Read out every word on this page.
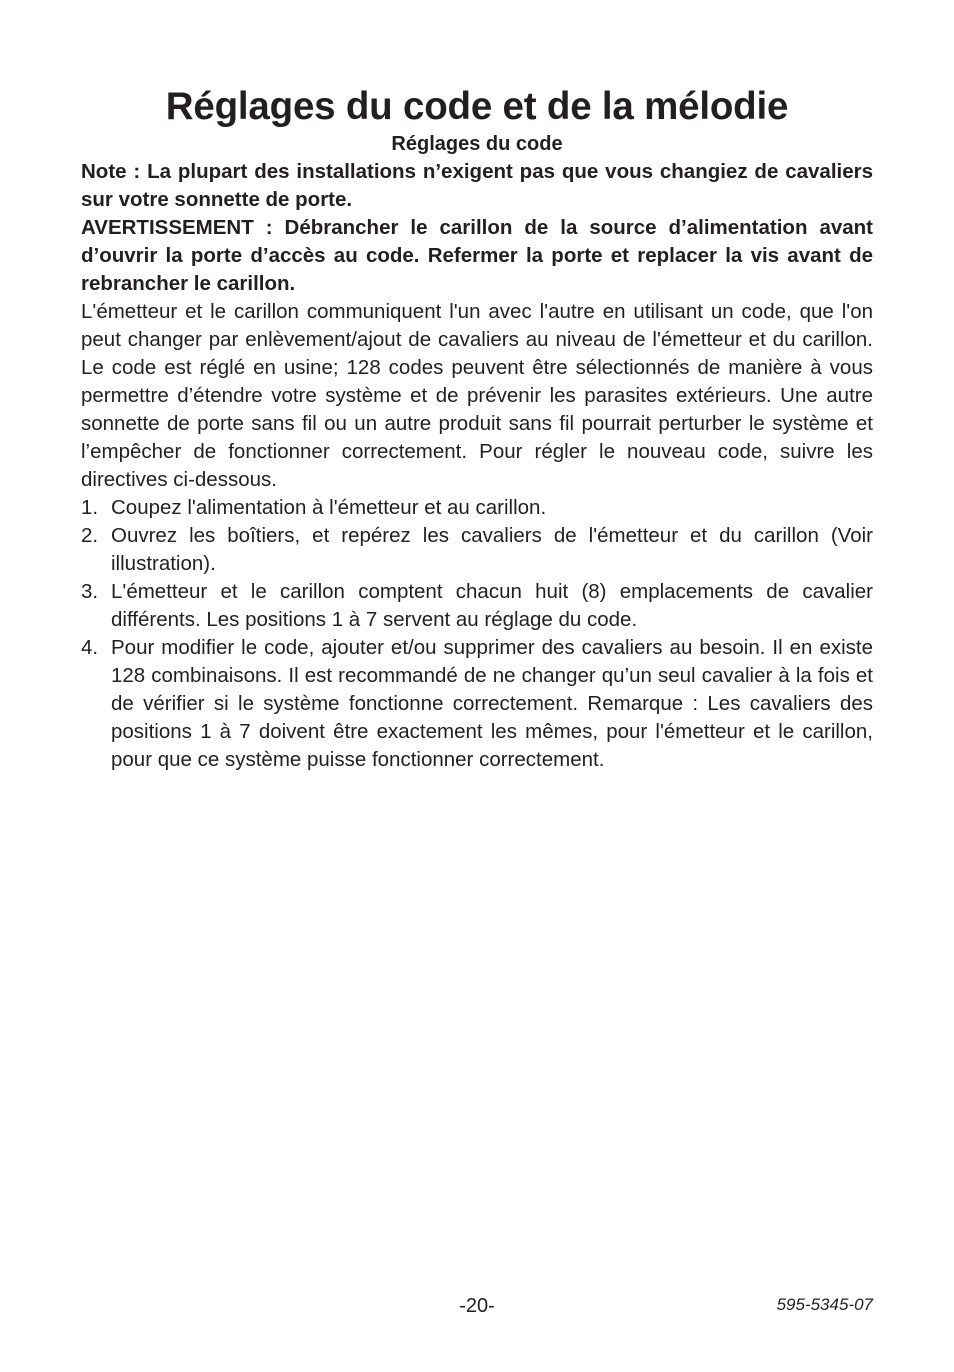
Réglages du code et de la mélodie
Réglages du code

Note : La plupart des installations n’exigent pas que vous changiez de cavaliers sur votre sonnette de porte.

AVERTISSEMENT : Débrancher le carillon de la source d’alimentation avant d’ouvrir la porte d’accès au code. Refermer la porte et replacer la vis avant de rebrancher le carillon.

L'émetteur et le carillon communiquent l'un avec l'autre en utilisant un code, que l'on peut changer par enlèvement/ajout de cavaliers au niveau de l'émetteur et du carillon. Le code est réglé en usine; 128 codes peuvent être sélectionnés de manière à vous permettre d’étendre votre système et de prévenir les parasites extérieurs. Une autre sonnette de porte sans fil ou un autre produit sans fil pourrait perturber le système et l’empêcher de fonctionner correctement. Pour régler le nouveau code, suivre les directives ci-dessous.

1. Coupez l'alimentation à l'émetteur et au carillon.
2. Ouvrez les boîtiers, et repérez les cavaliers de l'émetteur et du carillon (Voir illustration).
3. L'émetteur et le carillon comptent chacun huit (8) emplacements de cavalier différents. Les positions 1 à 7 servent au réglage du code.
4. Pour modifier le code, ajouter et/ou supprimer des cavaliers au besoin. Il en existe 128 combinaisons. Il est recommandé de ne changer qu’un seul cavalier à la fois et de vérifier si le système fonctionne correctement. Remarque : Les cavaliers des positions 1 à 7 doivent être exactement les mêmes, pour l'émetteur et le carillon, pour que ce système puisse fonctionner correctement.
-20-	595-5345-07
